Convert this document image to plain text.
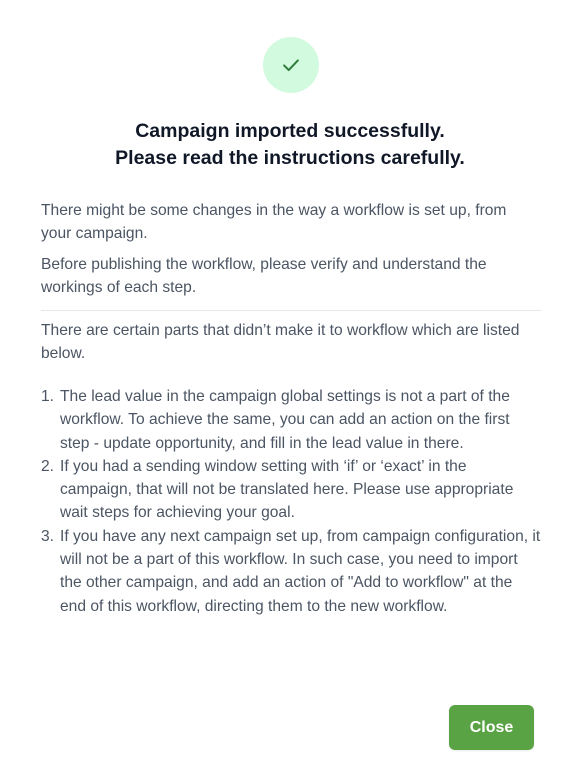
Campaign imported successfully.
Please read the instructions carefully.

There might be some changes in the way a workflow is set up, from your campaign.

Before publishing the workflow, please verify and understand the workings of each step.

There are certain parts that didn’t make it to workflow which are listed below.

1. The lead value in the campaign global settings is not a part of the workflow. To achieve the same, you can add an action on the first step - update opportunity, and fill in the lead value in there.
2. If you had a sending window setting with ‘if’ or ‘exact’ in the campaign, that will not be translated here. Please use appropriate wait steps for achieving your goal.
3. If you have any next campaign set up, from campaign configuration, it will not be a part of this workflow. In such case, you need to import the other campaign, and add an action of "Add to workflow" at the end of this workflow, directing them to the new workflow.
Close
